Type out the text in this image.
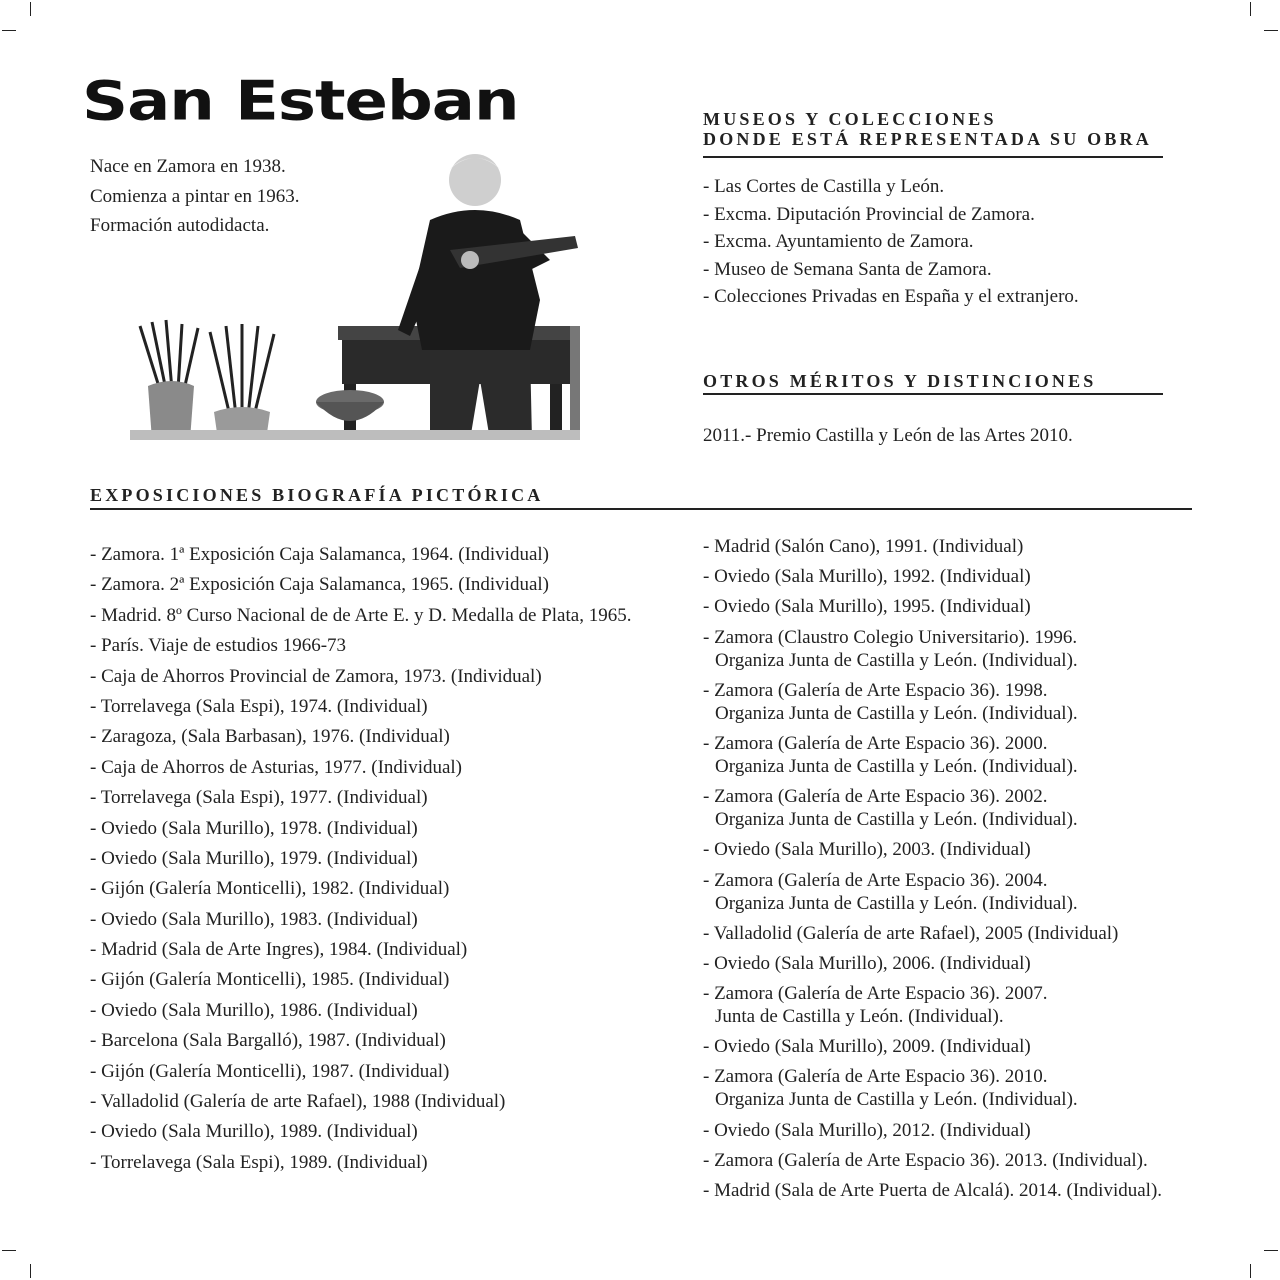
San Esteban
Nace en Zamora en 1938.
Comienza a pintar en 1963.
Formación autodidacta.
MUSEOS Y COLECCIONES
DONDE ESTÁ REPRESENTADA SU OBRA
- Las Cortes de Castilla y León.
- Excma. Diputación Provincial de Zamora.
- Excma. Ayuntamiento de Zamora.
- Museo de Semana Santa de Zamora.
- Colecciones Privadas en España y el extranjero.
OTROS MÉRITOS Y DISTINCIONES
2011.- Premio Castilla y León de las Artes 2010.
EXPOSICIONES BIOGRAFÍA PICTÓRICA
- Zamora. 1ª Exposición Caja Salamanca, 1964. (Individual)
- Zamora. 2ª Exposición Caja Salamanca, 1965. (Individual)
- Madrid. 8º Curso Nacional de de Arte E. y D. Medalla de Plata, 1965.
- París. Viaje de estudios 1966-73
- Caja de Ahorros Provincial de Zamora, 1973. (Individual)
- Torrelavega (Sala Espi), 1974. (Individual)
- Zaragoza, (Sala Barbasan), 1976. (Individual)
- Caja de Ahorros de Asturias, 1977. (Individual)
- Torrelavega (Sala Espi), 1977. (Individual)
- Oviedo (Sala Murillo), 1978. (Individual)
- Oviedo (Sala Murillo), 1979. (Individual)
- Gijón (Galería Monticelli), 1982. (Individual)
- Oviedo (Sala Murillo), 1983. (Individual)
- Madrid (Sala de Arte Ingres), 1984. (Individual)
- Gijón (Galería Monticelli), 1985. (Individual)
- Oviedo (Sala Murillo), 1986. (Individual)
- Barcelona (Sala Bargalló), 1987. (Individual)
- Gijón (Galería Monticelli), 1987. (Individual)
- Valladolid (Galería de arte Rafael), 1988 (Individual)
- Oviedo (Sala Murillo), 1989. (Individual)
- Torrelavega (Sala Espi), 1989. (Individual)
- Madrid (Salón Cano), 1991. (Individual)
- Oviedo (Sala Murillo), 1992. (Individual)
- Oviedo (Sala Murillo), 1995. (Individual)
- Zamora (Claustro Colegio Universitario). 1996.
Organiza Junta de Castilla y León. (Individual).
- Zamora (Galería de Arte Espacio 36). 1998.
Organiza Junta de Castilla y León. (Individual).
- Zamora (Galería de Arte Espacio 36). 2000.
Organiza Junta de Castilla y León. (Individual).
- Zamora (Galería de Arte Espacio 36). 2002.
Organiza Junta de Castilla y León. (Individual).
- Oviedo (Sala Murillo), 2003. (Individual)
- Zamora (Galería de Arte Espacio 36). 2004.
Organiza Junta de Castilla y León. (Individual).
- Valladolid (Galería de arte Rafael), 2005 (Individual)
- Oviedo (Sala Murillo), 2006. (Individual)
- Zamora (Galería de Arte Espacio 36). 2007.
Junta de Castilla y León. (Individual).
- Oviedo (Sala Murillo), 2009. (Individual)
- Zamora (Galería de Arte Espacio 36). 2010.
Organiza Junta de Castilla y León. (Individual).
- Oviedo (Sala Murillo), 2012. (Individual)
- Zamora (Galería de Arte Espacio 36). 2013. (Individual).
- Madrid (Sala de Arte Puerta de Alcalá). 2014. (Individual).
